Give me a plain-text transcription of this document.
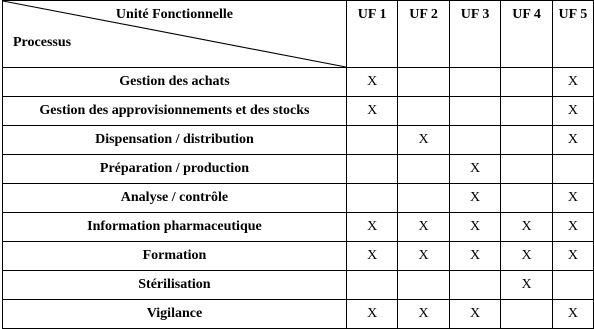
Unité Fonctionnelle
Processus	UF 1	UF 2	UF 3	UF 4	UF 5
Gestion des achats	X				X
Gestion des approvisionnements et des stocks	X				X
Dispensation / distribution		X			X
Préparation / production			X		
Analyse / contrôle			X		X
Information pharmaceutique	X	X	X	X	X
Formation	X	X	X	X	X
Stérilisation				X	
Vigilance	X	X	X		X
